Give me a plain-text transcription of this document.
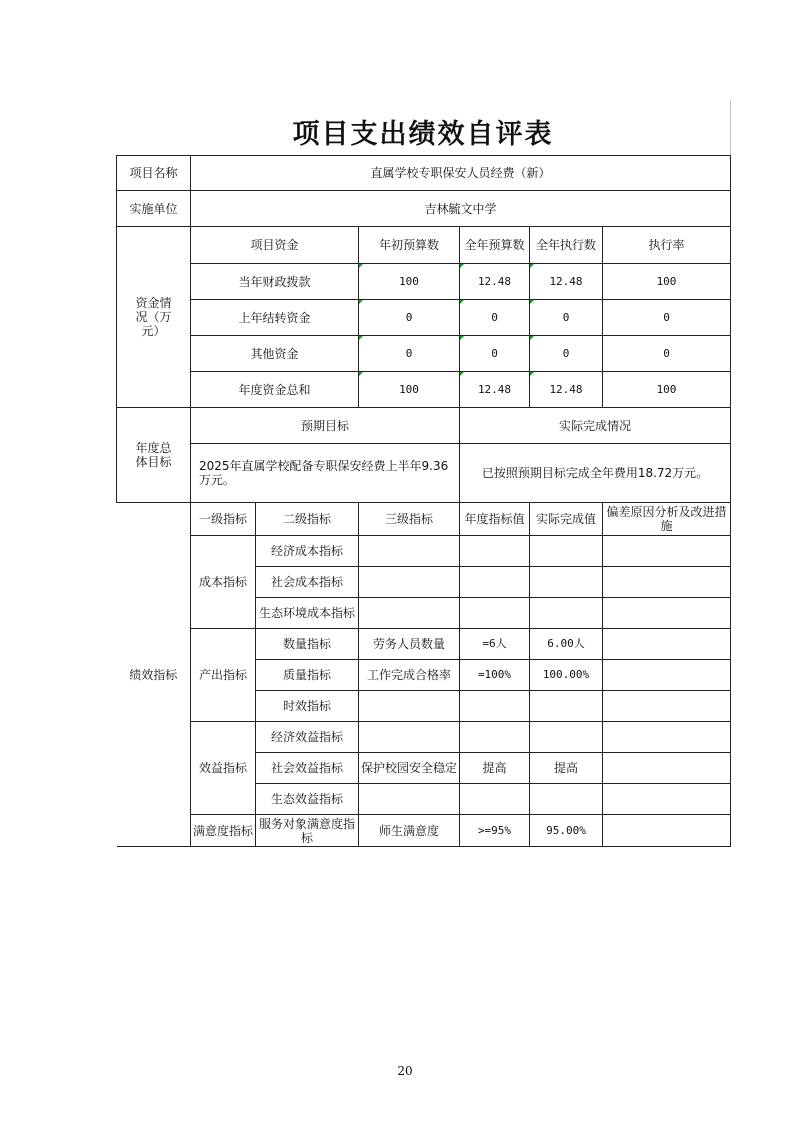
项目支出绩效自评表
项目名称	直属学校专职保安人员经费（新）					
实施单位	吉林毓文中学					
资金情况（万元）	项目资金		年初预算数	全年预算数	全年执行数	执行率
	当年财政拨款		100	12.48	12.48	100
	上年结转资金		0	0	0	0
	其他资金		0	0	0	0
	年度资金总和		100	12.48	12.48	100
年度总体目标	预期目标			实际完成情况		
	2025年直属学校配备专职保安经费上半年9.36万元。			已按照预期目标完成全年费用18.72万元。		
绩效指标	一级指标	二级指标	三级指标	年度指标值	实际完成值	偏差原因分析及改进措施
	成本指标	经济成本指标				
		社会成本指标				
		生态环境成本指标				
	产出指标	数量指标	劳务人员数量	=6人	6.00人	
		质量指标	工作完成合格率	=100%	100.00%	
		时效指标				
	效益指标	经济效益指标				
		社会效益指标	保护校园安全稳定	提高	提高	
		生态效益指标				
	满意度指标	服务对象满意度指标	师生满意度	>=95%	95.00%	
20
